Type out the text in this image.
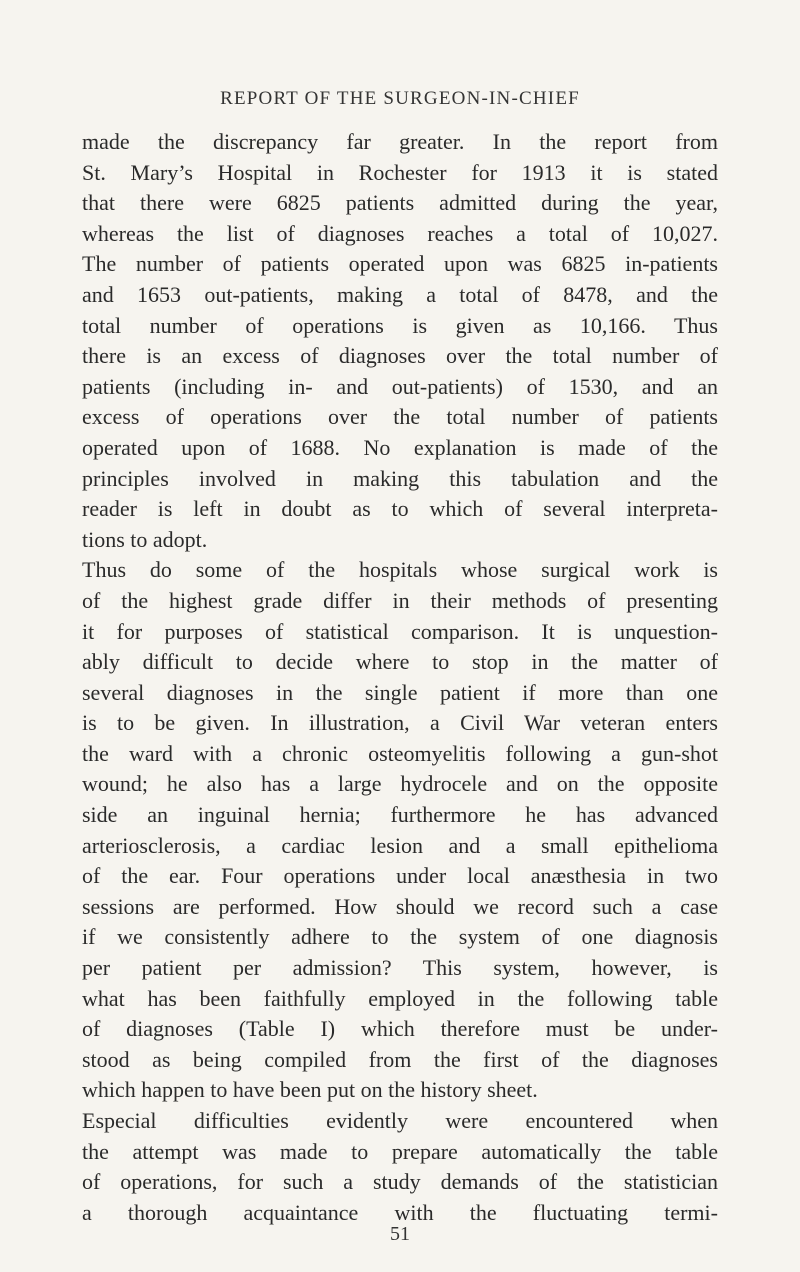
REPORT OF THE SURGEON-IN-CHIEF
made the discrepancy far greater. In the report from
St. Mary’s Hospital in Rochester for 1913 it is stated
that there were 6825 patients admitted during the year,
whereas the list of diagnoses reaches a total of 10,027.
The number of patients operated upon was 6825 in-patients
and 1653 out-patients, making a total of 8478, and the
total number of operations is given as 10,166. Thus
there is an excess of diagnoses over the total number of
patients (including in- and out-patients) of 1530, and an
excess of operations over the total number of patients
operated upon of 1688. No explanation is made of the
principles involved in making this tabulation and the
reader is left in doubt as to which of several interpreta-
tions to adopt.
Thus do some of the hospitals whose surgical work is
of the highest grade differ in their methods of presenting
it for purposes of statistical comparison. It is unquestion-
ably difficult to decide where to stop in the matter of
several diagnoses in the single patient if more than one
is to be given. In illustration, a Civil War veteran enters
the ward with a chronic osteomyelitis following a gun-shot
wound; he also has a large hydrocele and on the opposite
side an inguinal hernia; furthermore he has advanced
arteriosclerosis, a cardiac lesion and a small epithelioma
of the ear. Four operations under local anæsthesia in two
sessions are performed. How should we record such a case
if we consistently adhere to the system of one diagnosis
per patient per admission? This system, however, is
what has been faithfully employed in the following table
of diagnoses (Table I) which therefore must be under-
stood as being compiled from the first of the diagnoses
which happen to have been put on the history sheet.
Especial difficulties evidently were encountered when
the attempt was made to prepare automatically the table
of operations, for such a study demands of the statistician
a thorough acquaintance with the fluctuating termi-
51
